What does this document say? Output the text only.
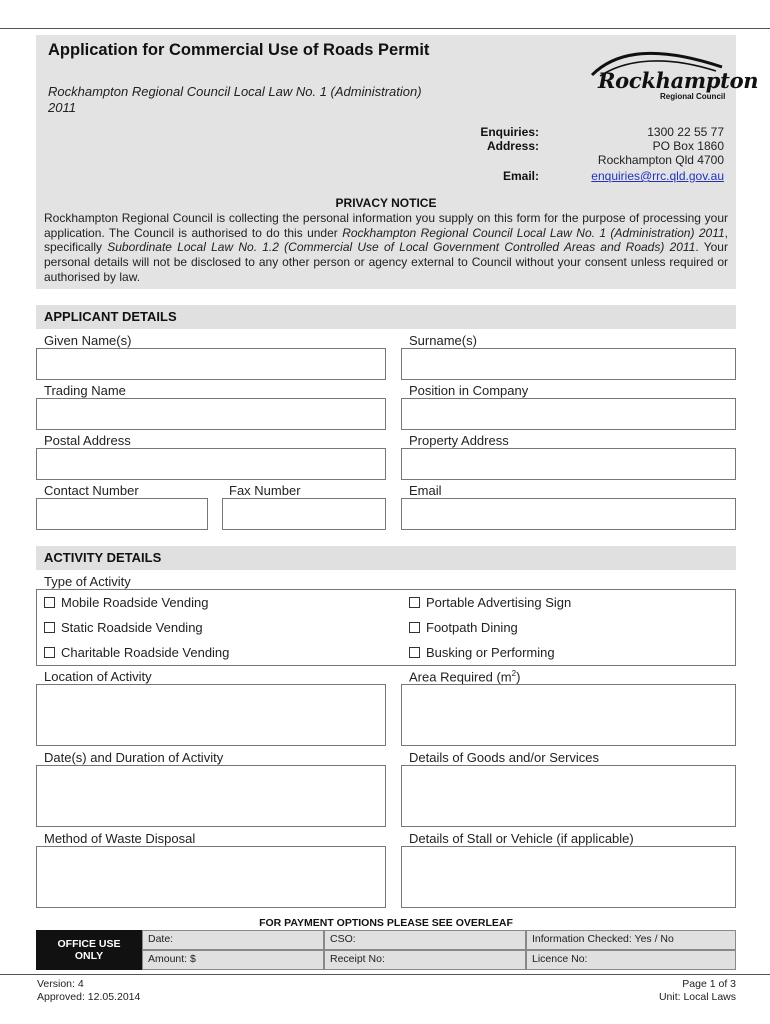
Application for Commercial Use of Roads Permit
Rockhampton Regional Council Local Law No. 1 (Administration) 2011
Rockhampton
Regional Council
Enquiries:	1300 22 55 77
Address:	PO Box 1860
Rockhampton Qld 4700
Email:	enquiries@rrc.qld.gov.au
PRIVACY NOTICE
Rockhampton Regional Council is collecting the personal information you supply on this form for the purpose of processing your application. The Council is authorised to do this under Rockhampton Regional Council Local Law No. 1 (Administration) 2011, specifically Subordinate Local Law No. 1.2 (Commercial Use of Local Government Controlled Areas and Roads) 2011. Your personal details will not be disclosed to any other person or agency external to Council without your consent unless required or authorised by law.
APPLICANT DETAILS
Given Name(s)	Surname(s)
Trading Name	Position in Company
Postal Address	Property Address
Contact Number	Fax Number	Email
ACTIVITY DETAILS
Type of Activity
Mobile Roadside Vending	Portable Advertising Sign
Static Roadside Vending	Footpath Dining
Charitable Roadside Vending	Busking or Performing
Location of Activity	Area Required $(m^2)$
Date(s) and Duration of Activity	Details of Goods and/or Services
Method of Waste Disposal	Details of Stall or Vehicle (if applicable)
FOR PAYMENT OPTIONS PLEASE SEE OVERLEAF
OFFICE USE
ONLY
Date:	CSO:	Information Checked: Yes / No
Amount: $	Receipt No:	Licence No:
Version: 4
Approved: 12.05.2014
Page 1 of 3
Unit: Local Laws
